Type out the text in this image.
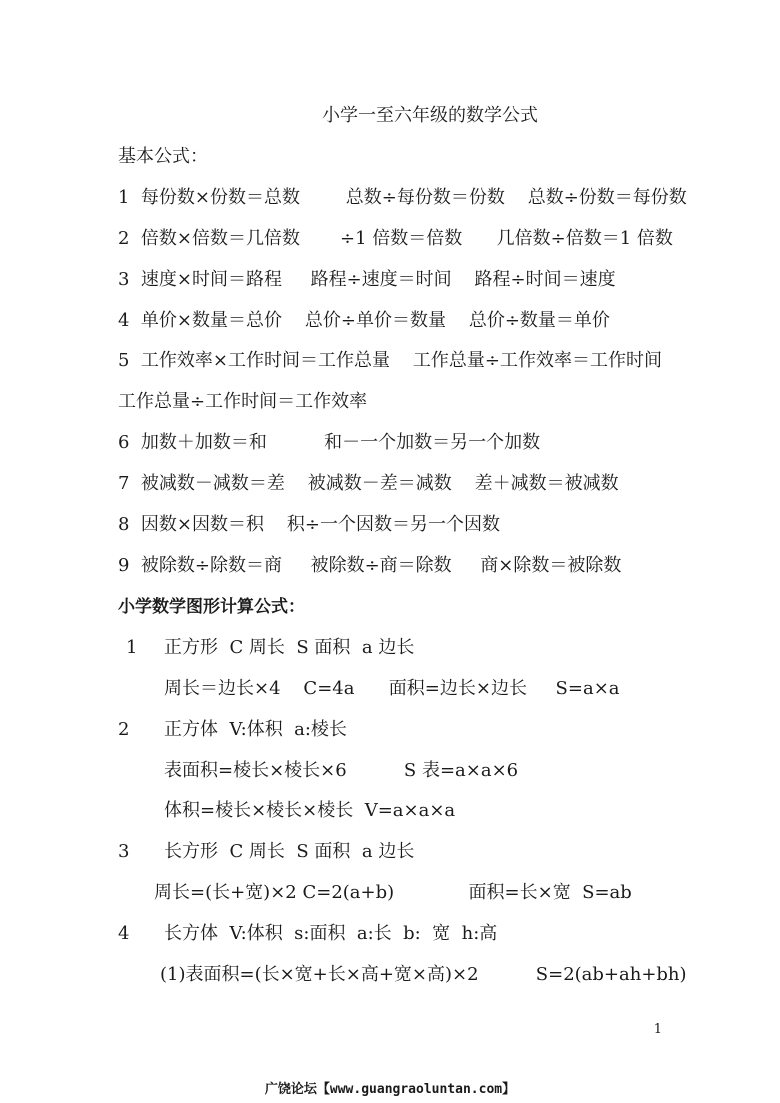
小学一至六年级的数学公式
基本公式：
1  每份数×份数＝总数        总数÷每份数＝份数    总数÷份数＝每份数
2  倍数×倍数＝几倍数       ÷1 倍数＝倍数      几倍数÷倍数＝1 倍数
3  速度×时间＝路程     路程÷速度＝时间    路程÷时间＝速度
4  单价×数量＝总价    总价÷单价＝数量    总价÷数量＝单价
5  工作效率×工作时间＝工作总量    工作总量÷工作效率＝工作时间
工作总量÷工作时间＝工作效率
6  加数＋加数＝和          和－一个加数＝另一个加数
7  被减数－减数＝差    被减数－差＝减数    差＋减数＝被减数
8  因数×因数＝积    积÷一个因数＝另一个因数
9  被除数÷除数＝商     被除数÷商＝除数     商×除数＝被除数
小学数学图形计算公式：
1 正方形  C 周长  S 面积  a 边长
周长＝边长×4    C=4a      面积=边长×边长     S=a×a
2 正方体  V:体积  a:棱长
表面积=棱长×棱长×6          S 表=a×a×6
体积=棱长×棱长×棱长  V=a×a×a
3 长方形  C 周长  S 面积  a 边长
周长=(长+宽)×2 C=2(a+b)             面积=长×宽  S=ab
4 长方体  V:体积  s:面积  a:长  b:  宽  h:高
(1)表面积=(长×宽+长×高+宽×高)×2          S=2(ab+ah+bh)
1
广饶论坛【www.guangraoluntan.com】
